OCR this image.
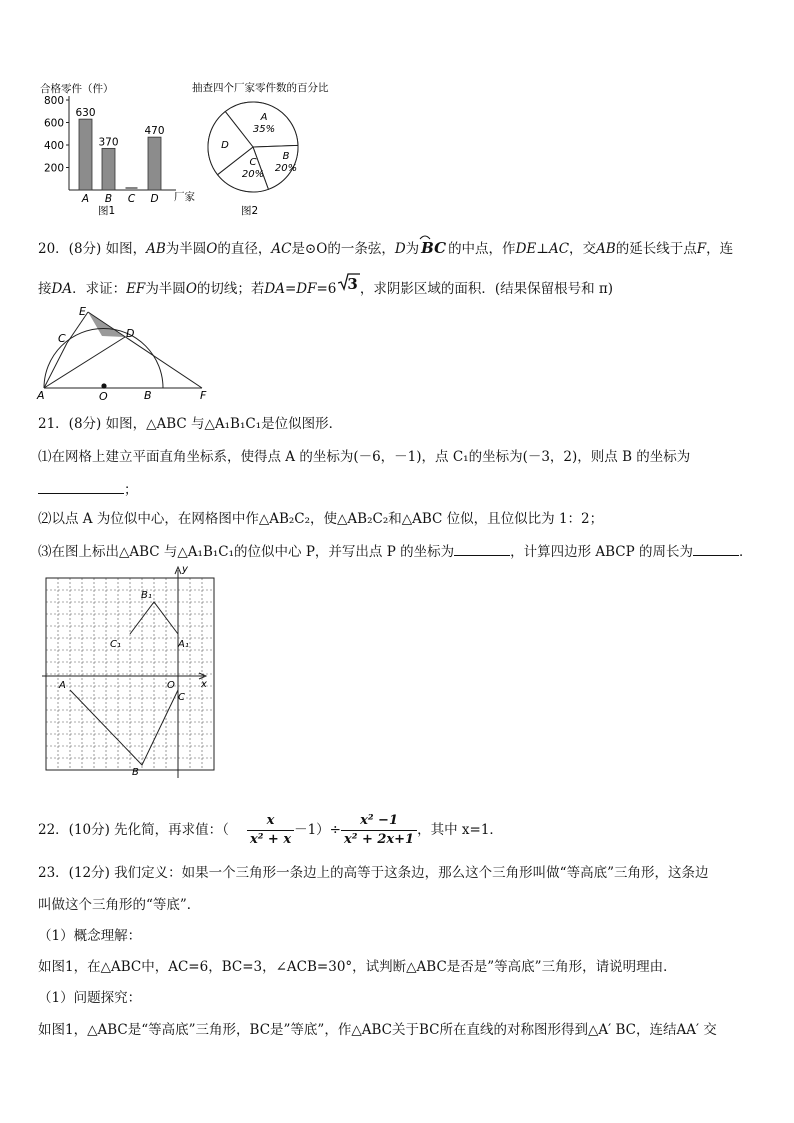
合格零件（件）
800
600
400
200
630
A
370
B C
470
D 厂家
图1
抽查四个厂家零件数的百分比
A
35%
B
20%
C
20%
D
图2
20．(8分) 如图，AB为半圆O的直径，AC是⊙O的一条弦，D为 BC 的中点，作DE⊥AC，交AB的延长线于点F，连
接DA．求证：EF为半圆O的切线；若DA=DF=6 3 ，求阴影区域的面积．(结果保留根号和 π)
E
C	D
A	O	B	F
21．(8分) 如图，△ABC 与△A₁B₁C₁是位似图形．
⑴在网格上建立平面直角坐标系，使得点 A 的坐标为(－6，－1)，点 C₁的坐标为(－3，2)，则点 B 的坐标为
；
⑵以点 A 为位似中心，在网格图中作△AB₂C₂，使△AB₂C₂和△ABC 位似，且位似比为 1：2；
⑶在图上标出△ABC 与△A₁B₁C₁的位似中心 P，并写出点 P 的坐标为	，计算四边形 ABCP 的周长为	．
y
x
O
B₁
C₁	A₁
A
C
B
22．(10分) 先化简，再求值：（ $\frac{x}{\text{x² + x}} -1)\div \frac{\text{x² −1}}{\text{x² + 2x+1}}$ ，其中 x=1．
23．(12分) 我们定义：如果一个三角形一条边上的高等于这条边，那么这个三角形叫做“等高底”三角形，这条边
叫做这个三角形的“等底”．
（1）概念理解：
如图1，在△ABC中，AC=6，BC=3，∠ACB=30°，试判断△ABC是否是”等高底”三角形，请说明理由．
（1）问题探究：
如图1，△ABC是“等高底”三角形，BC是”等底”，作△ABC关于BC所在直线的对称图形得到△A′ BC，连结AA′ 交
